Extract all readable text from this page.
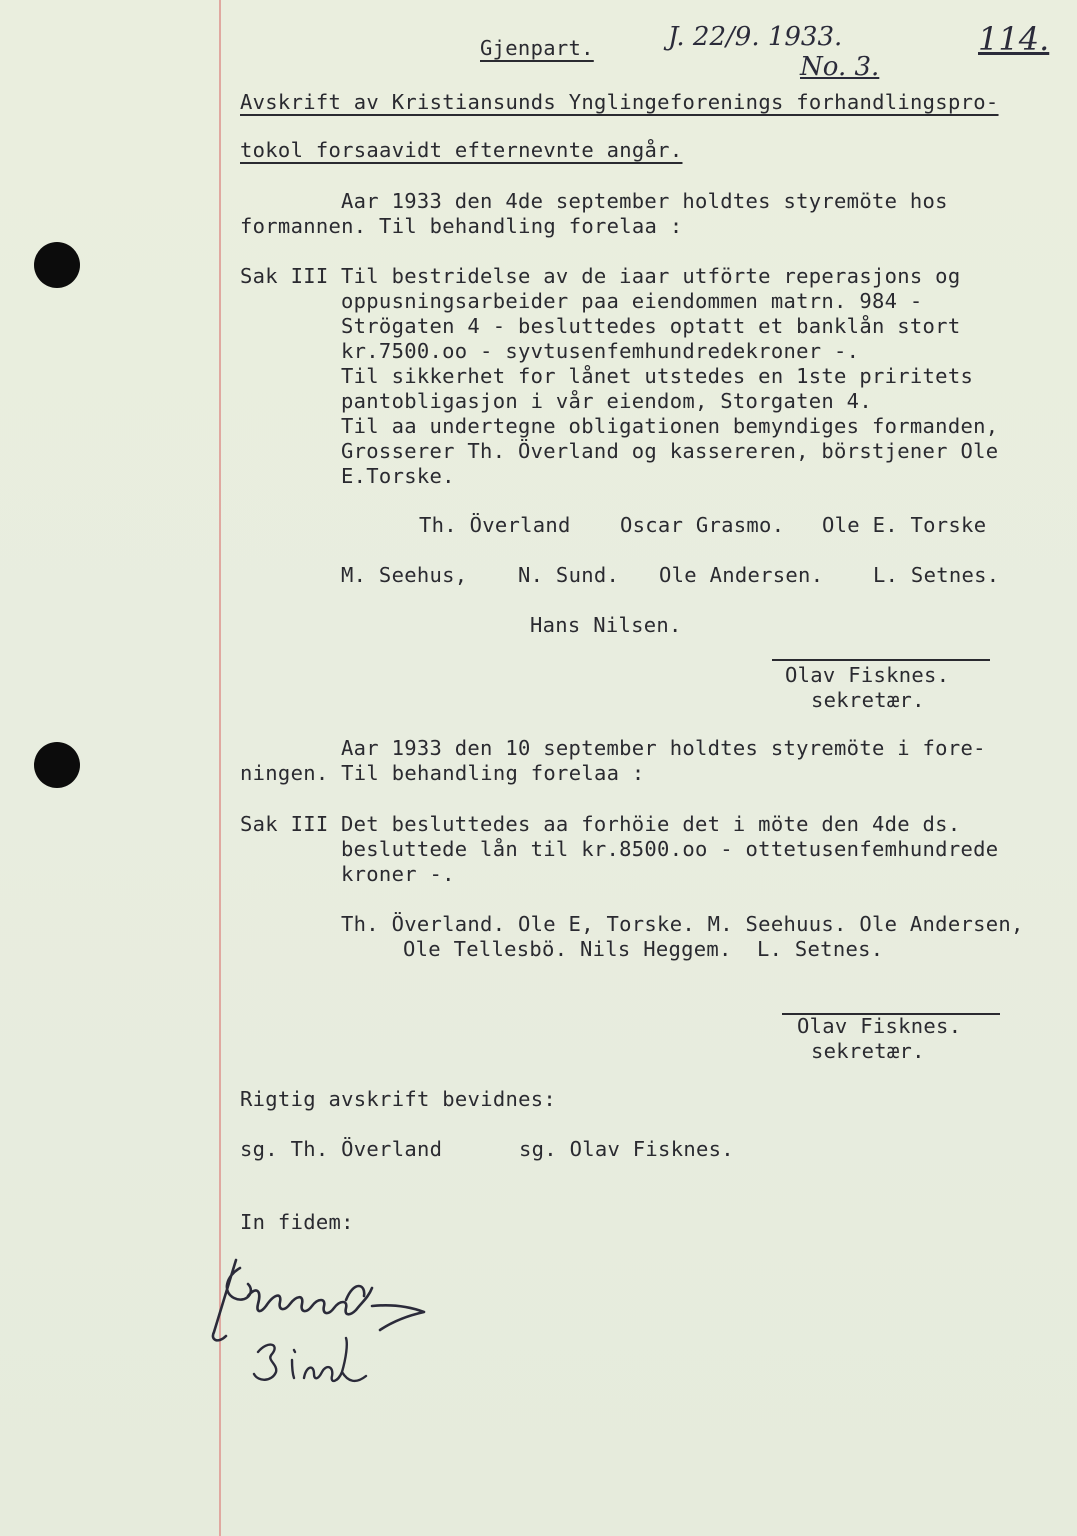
Gjenpart.	J. 22/9. 1933.
No. 3.
114.
Avskrift av Kristiansunds Ynglingeforenings forhandlingspro-
tokol forsaavidt efternevnte angår.
Aar 1933 den 4de september holdtes styremöte hos
formannen. Til behandling forelaa :
Sak III Til bestridelse av de iaar utförte reperasjons og
oppusningsarbeider paa eiendommen matrn. 984 -
Strögaten 4 - besluttedes optatt et banklån stort
kr.7500.oo - syvtusenfemhundredekroner -.
Til sikkerhet for lånet utstedes en 1ste priritets
pantobligasjon i vår eiendom, Storgaten 4.
Til aa undertegne obligationen bemyndiges formanden,
Grosserer Th. Överland og kassereren, börstjener Ole
E.Torske.
Th. Överland Oscar Grasmo. Ole E. Torske
M. Seehus, N. Sund. Ole Andersen. L. Setnes.
Hans Nilsen.
Olav Fisknes.
sekretær.
Aar 1933 den 10 september holdtes styremöte i fore-
ningen. Til behandling forelaa :
Sak III Det besluttedes aa forhöie det i möte den 4de ds.
besluttede lån til kr.8500.oo - ottetusenfemhundrede
kroner -.
Th. Överland. Ole E, Torske. M. Seehuus. Ole Andersen,
Ole Tellesbö. Nils Heggem.  L. Setnes.
Olav Fisknes.
sekretær.
Rigtig avskrift bevidnes:
sg. Th. Överland	sg. Olav Fisknes.
In fidem:
